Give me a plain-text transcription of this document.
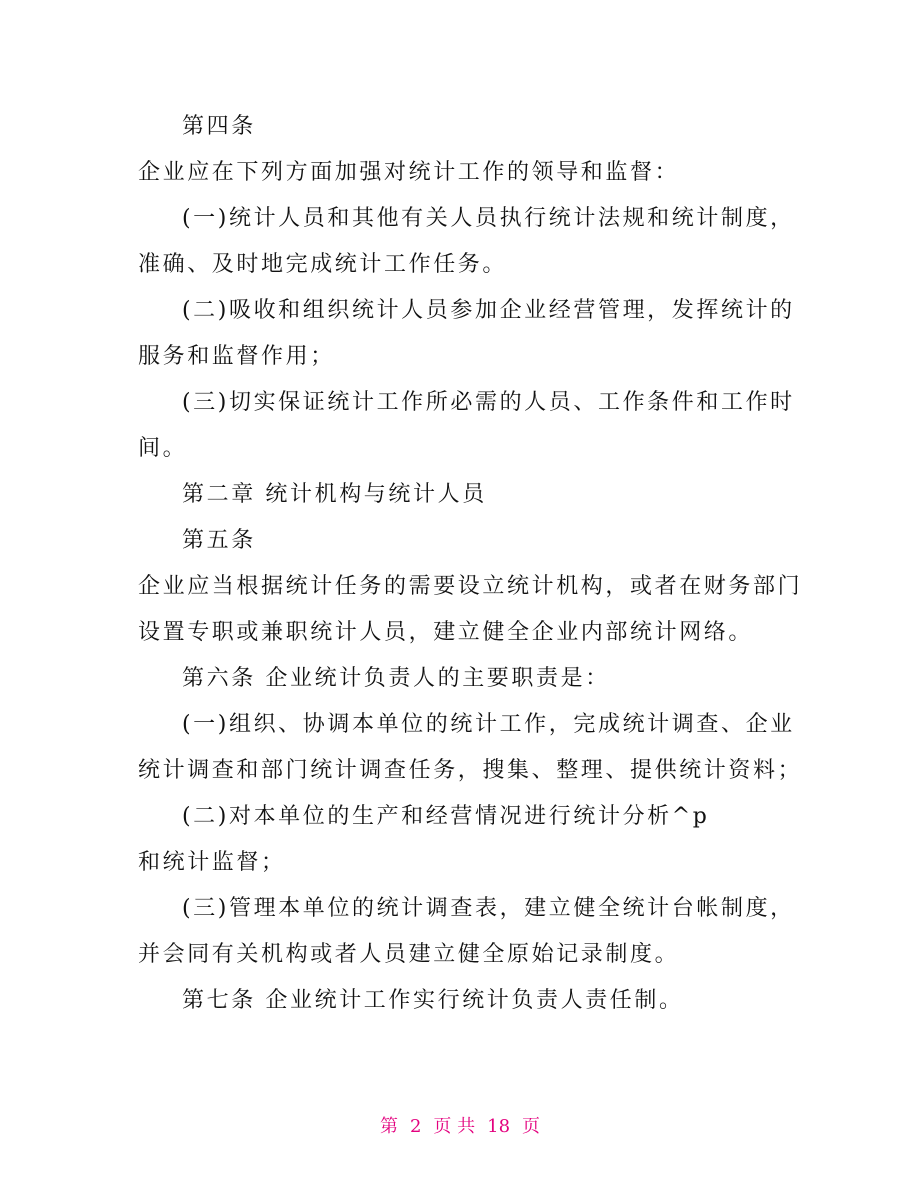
第四条

企业应在下列方面加强对统计工作的领导和监督：

(一)统计人员和其他有关人员执行统计法规和统计制度，

准确、及时地完成统计工作任务。

(二)吸收和组织统计人员参加企业经营管理，发挥统计的

服务和监督作用；

(三)切实保证统计工作所必需的人员、工作条件和工作时

间。

第二章 统计机构与统计人员

第五条

企业应当根据统计任务的需要设立统计机构，或者在财务部门

设置专职或兼职统计人员，建立健全企业内部统计网络。

第六条 企业统计负责人的主要职责是：

(一)组织、协调本单位的统计工作，完成统计调查、企业

统计调查和部门统计调查任务，搜集、整理、提供统计资料；

(二)对本单位的生产和经营情况进行统计分析^p

和统计监督；

(三)管理本单位的统计调查表，建立健全统计台帐制度，

并会同有关机构或者人员建立健全原始记录制度。

第七条 企业统计工作实行统计负责人责任制。

第 2 页 共 18 页
